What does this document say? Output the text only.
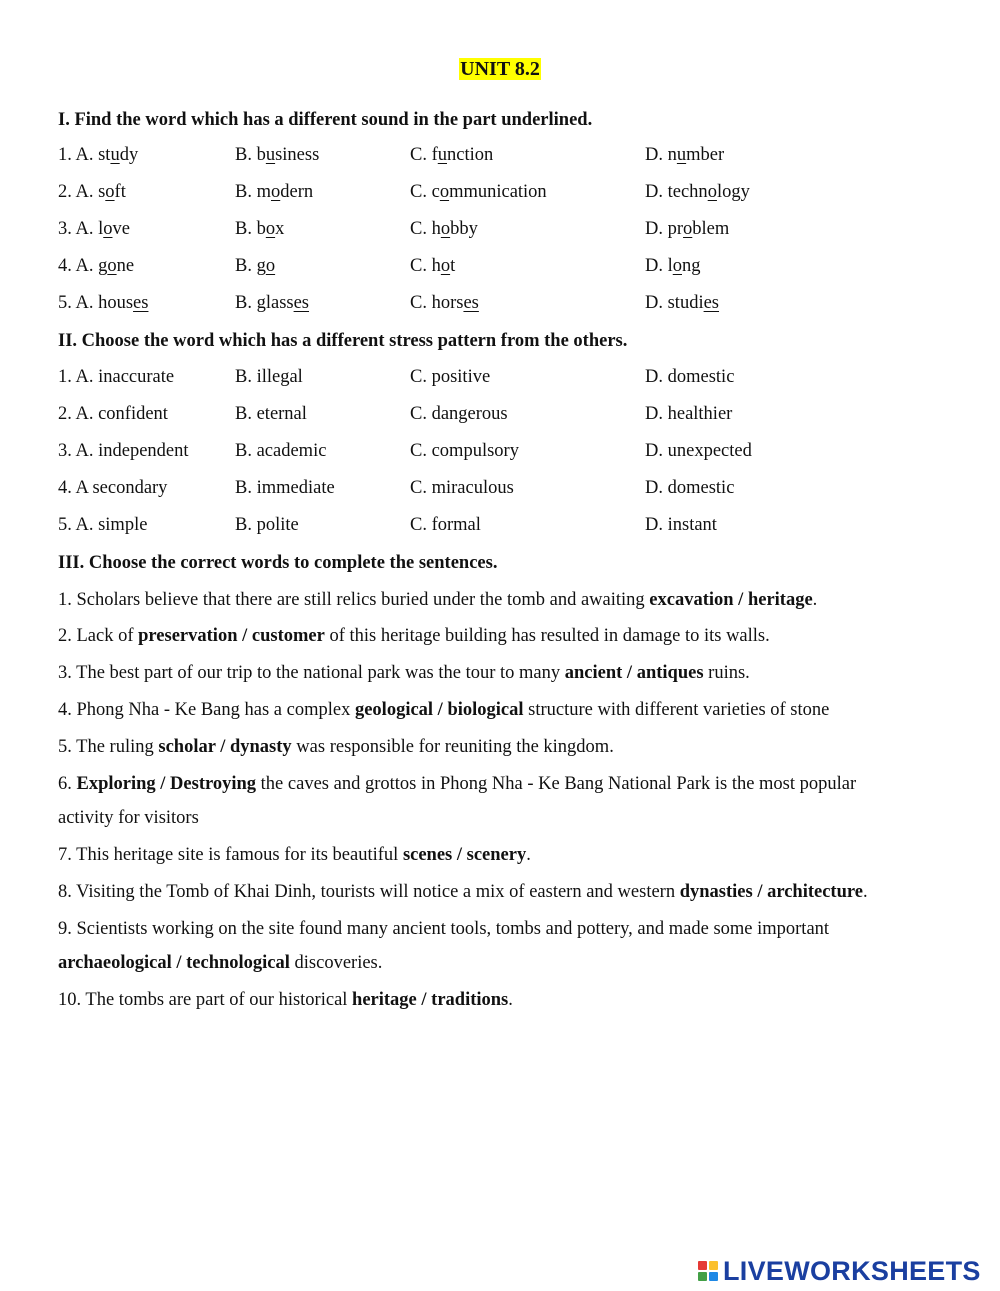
UNIT 8.2
I. Find the word which has a different sound in the part underlined.
1. A. study	B. business	C. function	D. number
2. A. soft	B. modern	C. communication	D. technology
3. A. love	B. box	C. hobby	D. problem
4. A. gone	B. go	C. hot	D. long
5. A. houses	B. glasses	C. horses	D. studies
II. Choose the word which has a different stress pattern from the others.
1. A. inaccurate	B. illegal	C. positive	D. domestic
2. A. confident	B. eternal	C. dangerous	D. healthier
3. A. independent	B. academic	C. compulsory	D. unexpected
4. A secondary	B. immediate	C. miraculous	D. domestic
5. A. simple	B. polite	C. formal	D. instant
III. Choose the correct words to complete the sentences.
1. Scholars believe that there are still relics buried under the tomb and awaiting excavation / heritage.
2. Lack of preservation / customer of this heritage building has resulted in damage to its walls.
3. The best part of our trip to the national park was the tour to many ancient / antiques ruins.
4. Phong Nha - Ke Bang has a complex geological / biological structure with different varieties of stone
5. The ruling scholar / dynasty was responsible for reuniting the kingdom.
6. Exploring / Destroying the caves and grottos in Phong Nha - Ke Bang National Park is the most popular
activity for visitors
7. This heritage site is famous for its beautiful scenes / scenery.
8. Visiting the Tomb of Khai Dinh, tourists will notice a mix of eastern and western dynasties / architecture.
9. Scientists working on the site found many ancient tools, tombs and pottery, and made some important
archaeological / technological discoveries.
10. The tombs are part of our historical heritage / traditions.
LIVEWORKSHEETS
